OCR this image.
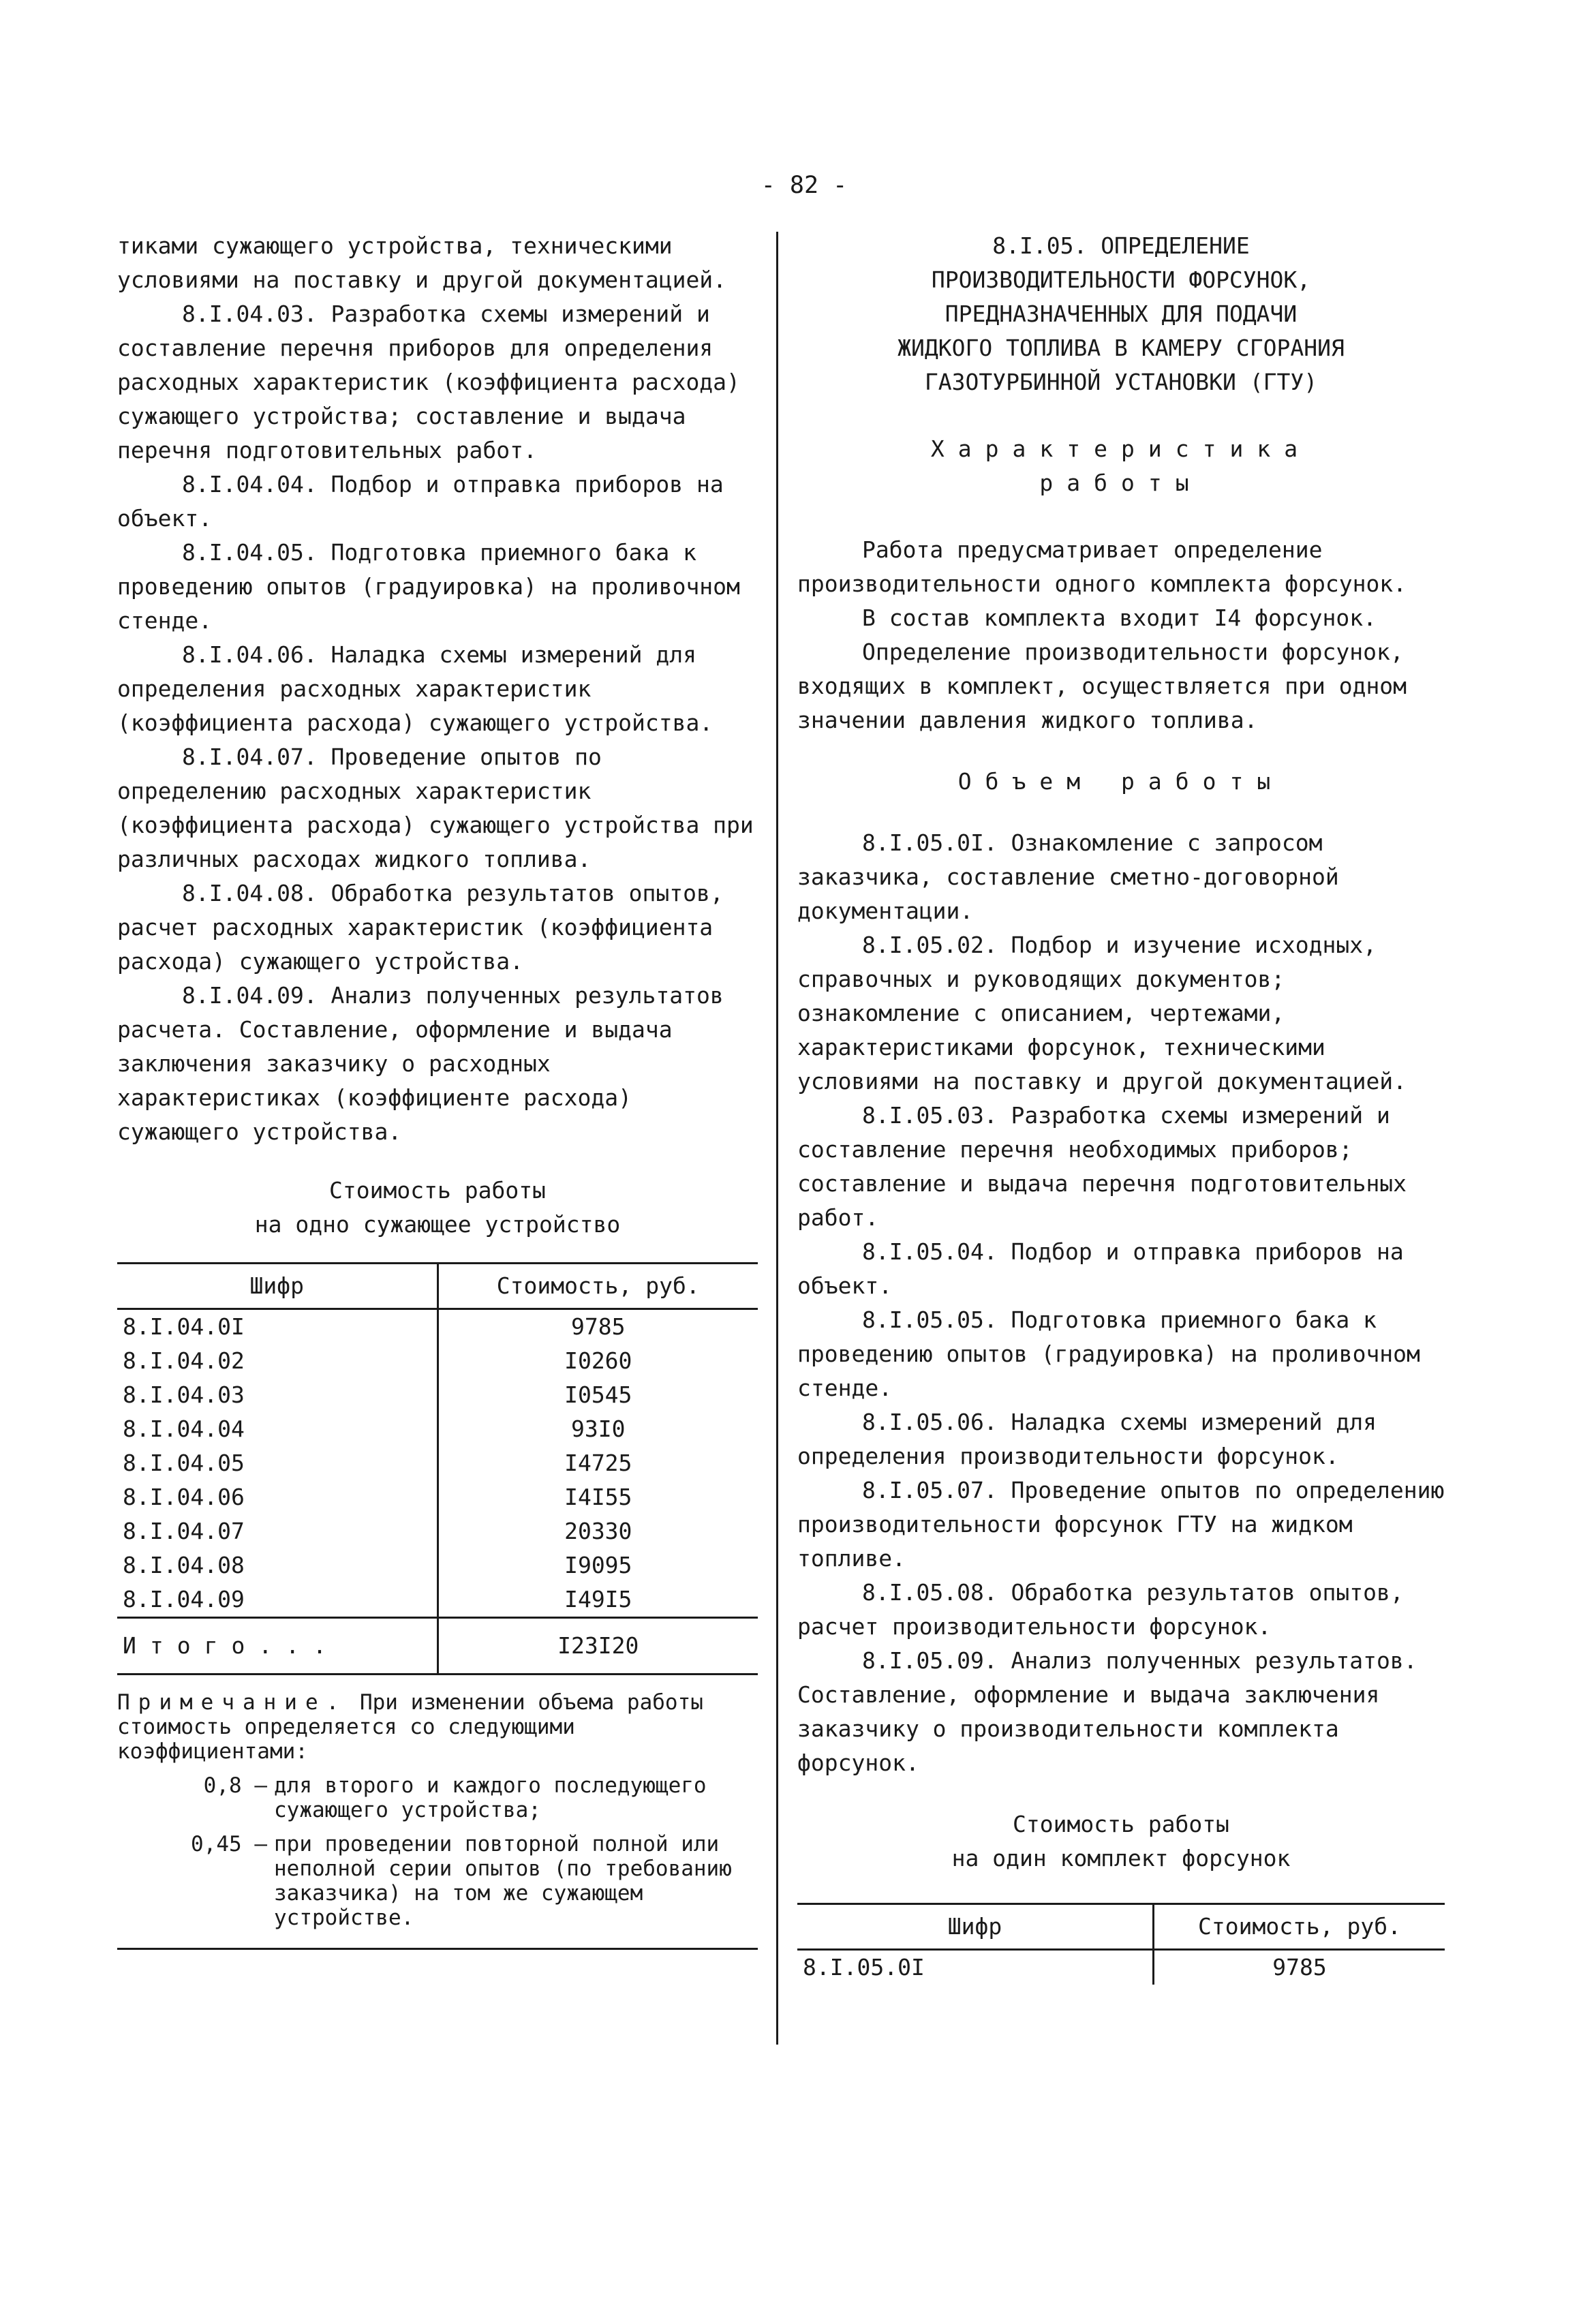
- 82 -

тиками сужающего устройства, техническими условиями на поставку и другой документацией.

8.I.04.03. Разработка схемы измерений и составление перечня приборов для определения расходных характеристик (коэффициента расхода) сужающего устройства; составление и выдача перечня подготовительных работ.

8.I.04.04. Подбор и отправка приборов на объект.

8.I.04.05. Подготовка приемного бака к проведению опытов (градуировка) на проливочном стенде.

8.I.04.06. Наладка схемы измерений для определения расходных характеристик (коэффициента расхода) сужающего устройства.

8.I.04.07. Проведение опытов по определению расходных характеристик (коэффициента расхода) сужающего устройства при различных расходах жидкого топлива.

8.I.04.08. Обработка результатов опытов, расчет расходных характеристик (коэффициента расхода) сужающего устройства.

8.I.04.09. Анализ полученных результатов расчета. Составление, оформление и выдача заключения заказчику о расходных характеристиках (коэффициенте расхода) сужающего устройства.

Стоимость работы
на одно сужающее устройство
Шифр	Стоимость, руб.
8.I.04.0I	9785
8.I.04.02	I0260
8.I.04.03	I0545
8.I.04.04	93I0
8.I.04.05	I4725
8.I.04.06	I4I55
8.I.04.07	20330
8.I.04.08	I9095
8.I.04.09	I49I5
Итого...	I23I20
Примечание. При изменении объема работы стоимость определяется со следующими коэффициентами:
0,8 – для второго и каждого последующего сужающего устройства;
0,45 – при проведении повторной полной или неполной серии опытов (по требованию заказчика) на том же сужающем устройстве.
8.I.05. ОПРЕДЕЛЕНИЕ
ПРОИЗВОДИТЕЛЬНОСТИ ФОРСУНОК,
ПРЕДНАЗНАЧЕННЫХ ДЛЯ ПОДАЧИ
ЖИДКОГО ТОПЛИВА В КАМЕРУ СГОРАНИЯ
ГАЗОТУРБИННОЙ УСТАНОВКИ (ГТУ)
Характеристика
работы

Работа предусматривает определение производительности одного комплекта форсунок.

В состав комплекта входит I4 форсунок.

Определение производительности форсунок, входящих в комплект, осуществляется при одном значении давления жидкого топлива.

Объем работы

8.I.05.0I. Ознакомление с запросом заказчика, составление сметно-договорной документации.

8.I.05.02. Подбор и изучение исходных, справочных и руководящих документов; ознакомление с описанием, чертежами, характеристиками форсунок, техническими условиями на поставку и другой документацией.

8.I.05.03. Разработка схемы измерений и составление перечня необходимых приборов; составление и выдача перечня подготовительных работ.

8.I.05.04. Подбор и отправка приборов на объект.

8.I.05.05. Подготовка приемного бака к проведению опытов (градуировка) на проливочном стенде.

8.I.05.06. Наладка схемы измерений для определения производительности форсунок.

8.I.05.07. Проведение опытов по определению производительности форсунок ГТУ на жидком топливе.

8.I.05.08. Обработка результатов опытов, расчет производительности форсунок.

8.I.05.09. Анализ полученных результатов. Составление, оформление и выдача заключения заказчику о производительности комплекта форсунок.

Стоимость работы
на один комплект форсунок
Шифр	Стоимость, руб.
8.I.05.0I	9785
